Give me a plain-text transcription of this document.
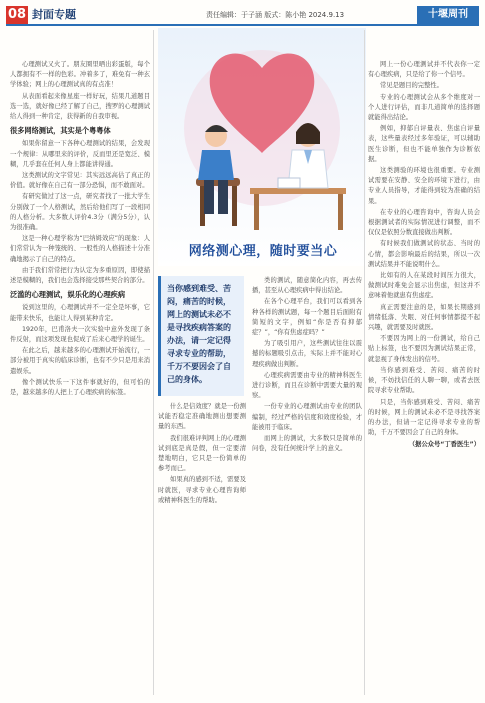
08 封面专题	责任编辑：于子涵 版式：陈小艳 2024.9.13	十堰周刊

心理测试又火了。朋友圈里晒出彩蛋版，每个人都拥有不一样的色彩。冲着多了，难免有一种玄学体验；网上的心理测试真的有点准！

从表面看起来像星座一样好玩，结果几道题目选一选，就好像已经了解了自己，搜罗的心理测试给人得到一种肯定，获得新的自我审视。

很多网络测试，其实是个粤粤体

如果你留意一下各种心理测试的结果，会发现一个规律：从哪里来的评价，反而里还是宽泛、模糊，几乎套在任何人身上都能讲得通。

这类测试的文字常见：其实远远高估了真正的价值。就好像在自己有一部分恐惧，而不敢面对。

有研究做过了这一点，研究者找了一批大学生分别做了一个人格测试，然后给他们写了一段相同的人格分析。大多数人评价4.3分（满分5分），认为很准确。

这是一种心理学称为“巴纳姆效应”的现象：人们常常认为一种笼统的、一般性的人格描述十分准确地揭示了自己的特点。

由于我们常常把行为认定为多重原因，即使描述是模糊的，我们也会选择接受那些契合的部分。

泛滥的心理测试，娱乐化的心理疾病

说到这里的，心理测试并不一定全是坏事，它能带来快乐，也能让人得到某种肯定。

1920年，巴甫洛夫一次实验中意外发现了条件反射，而这项发现也促成了后来心理学的诞生。

在此之后，越来越多的心理测试开始流行，一部分被用于真实的临床诊断，也有不少只是用来消遣娱乐。

像个测试快乐一下这件事就好的，但可怕的是，越来越多的人把上了心理疾病的标签。

网络测心理，随时要当心
当你感到难受、苦闷，痛苦的时候，网上的测试未必不是寻找疾病答案的办法，请一定记得寻求专业的帮助，千万不要因会了自己的身体。

什么是信效度？就是一份测试能否稳定准确地测出想要测量的东西。

我们很难评判网上的心理测试到底是真是假，但一定要清楚地明白，它只是一份简单的参考而已。

如果真的感到不适，需要及时就医，寻求专业心理咨询师或精神科医生的帮助。

类的测试，随意简化内容，再去传播，甚至从心理疾病中得出结论。

在各个心理平台，我们可以看到各种各样的测试题，每一个题目后面附有简短的文字，例如“你是否有抑郁症？”，“你有焦虑症吗？”

为了吸引用户，这些测试往往以震撼的标题吸引点击，实际上并不能对心理疾病做出判断。

心理疾病需要由专业的精神科医生进行诊断，而且在诊断中需要大量的观察。

一份专业的心理测试由专业的团队编制，经过严格的信度和效度检验，才能被用于临床。

而网上的测试，大多数只是简单的问卷，没有任何统计学上的意义。

网上一份心理测试并不代表你一定有心理疾病，只是给了你一个信号。

常见是题目的完整性。

专业的心理测试会从多个维度对一个人进行评估，而非几道简单的选择题就能得出结论。

例如，抑郁自评量表、焦虑自评量表，这些量表经过多年验证，可以辅助医生诊断，但也不能单独作为诊断依据。

这类测验的环境也很重要。专业测试需要在安静、安全的环境下进行，由专业人员指导，才能得到较为准确的结果。

在专业的心理咨询中，咨询人员会根据测试者的实际情况进行调整，而不仅仅是依照分数直接做出判断。

有时候我们做测试的状态、当时的心情，都会影响最后的结果，所以一次测试结果并不能说明什么。

比如有的人在某段时间压力很大，做测试时难免会显示出焦虑，但这并不意味着他就患有焦虑症。

真正需要注意的是，如果长期感到情绪低落、失眠、对任何事情都提不起兴趣，就需要及时就医。

不要因为网上的一份测试，给自己贴上标签，也不要因为测试结果正常，就忽视了身体发出的信号。

当你感到难受、苦闷、痛苦的时候，不妨找信任的人聊一聊，或者去医院寻求专业帮助。

只是，当你感到难受、苦闷、痛苦的时候，网上的测试未必不是寻找答案的办法，但请一定记得寻求专业的帮助，千万不要因会了自己的身体。

（据公众号“丁香医生”）
